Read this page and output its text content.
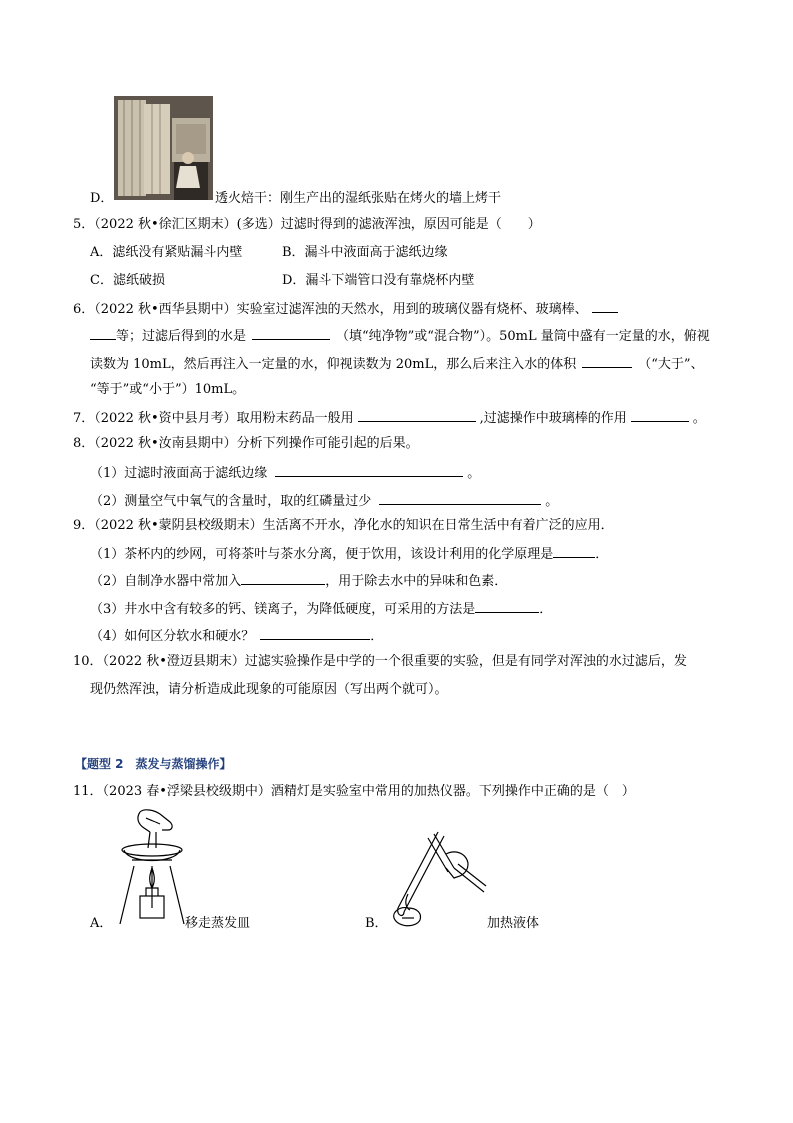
D．	透火焙干：刚生产出的湿纸张贴在烤火的墙上烤干
5．（2022 秋•徐汇区期末）(多选）过滤时得到的滤液浑浊，原因可能是（　　）
A．滤纸没有紧贴漏斗内壁	B．漏斗中液面高于滤纸边缘
C．滤纸破损	D．漏斗下端管口没有靠烧杯内壁
6．（2022 秋•西华县期中）实验室过滤浑浊的天然水，用到的玻璃仪器有烧杯、玻璃棒、
等；过滤后得到的水是	（填“纯净物”或“混合物”）。50mL 量筒中盛有一定量的水，俯视
读数为 10mL，然后再注入一定量的水，仰视读数为 20mL，那么后来注入水的体积	（“大于”、
“等于”或“小于”）10mL。
7．（2022 秋•资中县月考）取用粉末药品一般用	,过滤操作中玻璃棒的作用	。
8．（2022 秋•汝南县期中）分析下列操作可能引起的后果。
（1）过滤时液面高于滤纸边缘	。
（2）测量空气中氧气的含量时，取的红磷量过少	。
9．（2022 秋•蒙阴县校级期末）生活离不开水，净化水的知识在日常生活中有着广泛的应用．
（1）茶杯内的纱网，可将茶叶与茶水分离，便于饮用，该设计利用的化学原理是	．
（2）自制净水器中常加入	，用于除去水中的异味和色素．
（3）井水中含有较多的钙、镁离子，为降低硬度，可采用的方法是	．
（4）如何区分软水和硬水？	．
10．（2022 秋•澄迈县期末）过滤实验操作是中学的一个很重要的实验，但是有同学对浑浊的水过滤后，发
现仍然浑浊，请分析造成此现象的可能原因（写出两个就可）。
【题型 2　蒸发与蒸馏操作】
11．（2023 春•浮梁县校级期中）酒精灯是实验室中常用的加热仪器。下列操作中正确的是（　）
A．	移走蒸发皿	B．	加热液体
